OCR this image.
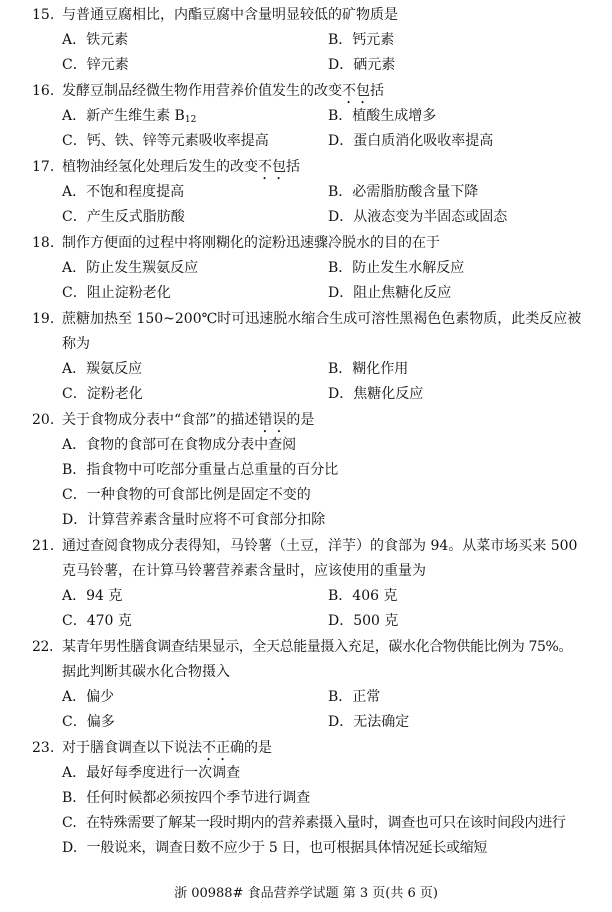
15. 与普通豆腐相比，内酯豆腐中含量明显较低的矿物质是
A．铁元素	B．钙元素
C．锌元素	D．硒元素
16. 发酵豆制品经微生物作用营养价值发生的改变不包括
A．新产生维生素 $B_{12}$	B．植酸生成增多
C．钙、铁、锌等元素吸收率提高	D．蛋白质消化吸收率提高
17. 植物油经氢化处理后发生的改变不包括
A．不饱和程度提高	B．必需脂肪酸含量下降
C．产生反式脂肪酸	D．从液态变为半固态或固态
18. 制作方便面的过程中将刚糊化的淀粉迅速骤冷脱水的目的在于
A．防止发生羰氨反应	B．防止发生水解反应
C．阻止淀粉老化	D．阻止焦糖化反应
19. 蔗糖加热至 150~200℃时可迅速脱水缩合生成可溶性黑褐色色素物质，此类反应被
称为
A．羰氨反应	B．糊化作用
C．淀粉老化	D．焦糖化反应
20. 关于食物成分表中“食部”的描述错误的是
A．食物的食部可在食物成分表中查阅
B．指食物中可吃部分重量占总重量的百分比
C．一种食物的可食部比例是固定不变的
D．计算营养素含量时应将不可食部分扣除
21. 通过查阅食物成分表得知，马铃薯（土豆，洋芋）的食部为 94。从菜市场买来 500
克马铃薯，在计算马铃薯营养素含量时，应该使用的重量为
A．94 克	B．406 克
C．470 克	D．500 克
22. 某青年男性膳食调查结果显示，全天总能量摄入充足，碳水化合物供能比例为 75%。
据此判断其碳水化合物摄入
A．偏少	B．正常
C．偏多	D．无法确定
23. 对于膳食调查以下说法不正确的是
A．最好每季度进行一次调查
B．任何时候都必须按四个季节进行调查
C．在特殊需要了解某一段时期内的营养素摄入量时，调查也可只在该时间段内进行
D．一般说来，调查日数不应少于 5 日，也可根据具体情况延长或缩短
浙 00988# 食品营养学试题 第 3 页(共 6 页)
